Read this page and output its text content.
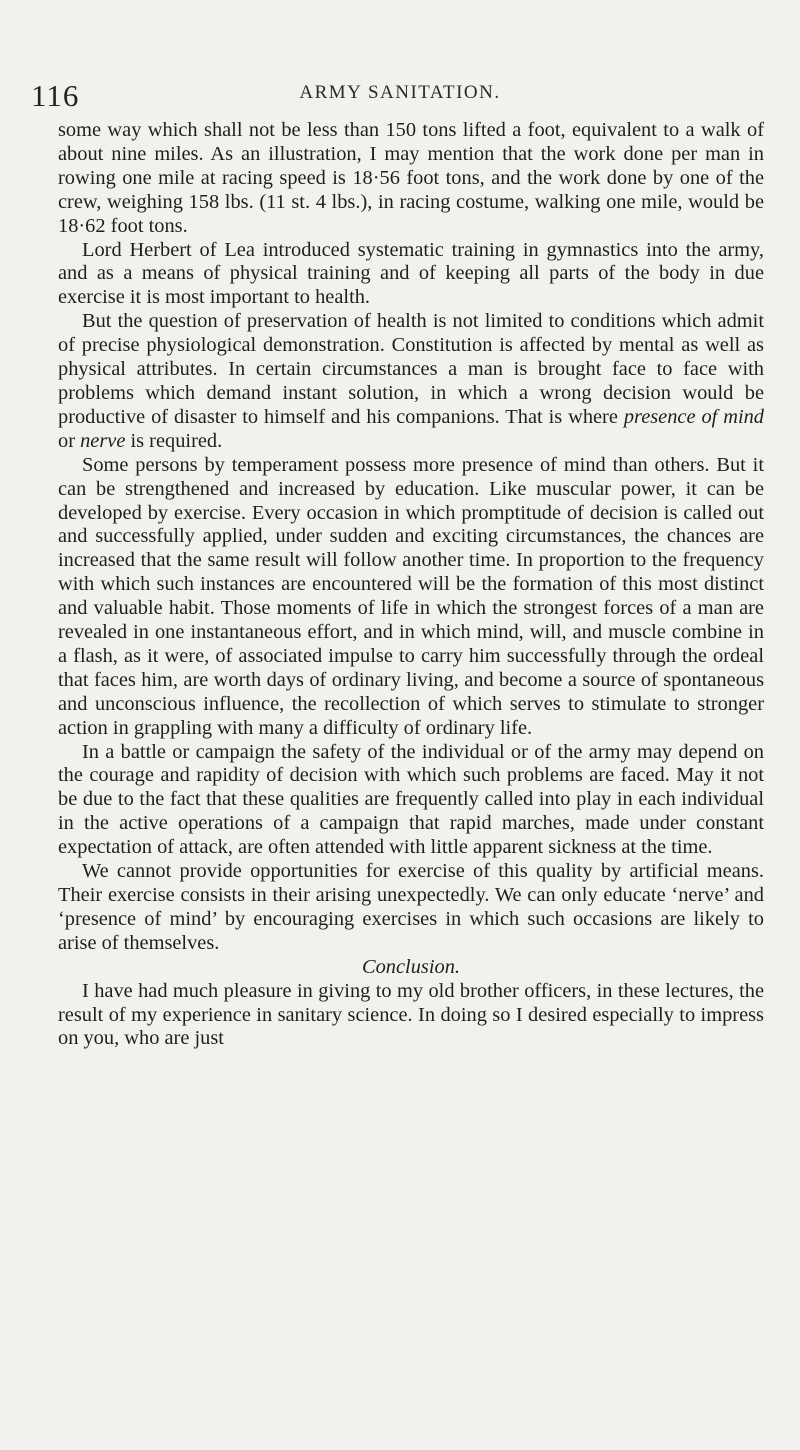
116	ARMY SANITATION.

some way which shall not be less than 150 tons lifted a foot, equivalent to a walk of about nine miles. As an illustration, I may mention that the work done per man in rowing one mile at racing speed is 18·56 foot tons, and the work done by one of the crew, weighing 158 lbs. (11 st. 4 lbs.), in racing costume, walking one mile, would be 18·62 foot tons.

Lord Herbert of Lea introduced systematic training in gymnastics into the army, and as a means of physical training and of keeping all parts of the body in due exercise it is most important to health.

But the question of preservation of health is not limited to conditions which admit of precise physiological demonstration. Constitution is affected by mental as well as physical attributes. In certain circumstances a man is brought face to face with problems which demand instant solution, in which a wrong decision would be productive of disaster to himself and his companions. That is where presence of mind or nerve is required.

Some persons by temperament possess more presence of mind than others. But it can be strengthened and increased by education. Like muscular power, it can be developed by exercise. Every occasion in which promptitude of decision is called out and successfully applied, under sudden and exciting circumstances, the chances are increased that the same result will follow another time. In proportion to the frequency with which such instances are encountered will be the formation of this most distinct and valuable habit. Those moments of life in which the strongest forces of a man are revealed in one instantaneous effort, and in which mind, will, and muscle combine in a flash, as it were, of associated impulse to carry him successfully through the ordeal that faces him, are worth days of ordinary living, and become a source of spontaneous and unconscious influence, the recollection of which serves to stimulate to stronger action in grappling with many a difficulty of ordinary life.

In a battle or campaign the safety of the individual or of the army may depend on the courage and rapidity of decision with which such problems are faced. May it not be due to the fact that these qualities are frequently called into play in each individual in the active operations of a campaign that rapid marches, made under constant expectation of attack, are often attended with little apparent sickness at the time.

We cannot provide opportunities for exercise of this quality by artificial means. Their exercise consists in their arising unexpectedly. We can only educate ‘nerve’ and ‘presence of mind’ by encouraging exercises in which such occasions are likely to arise of themselves.

Conclusion.

I have had much pleasure in giving to my old brother officers, in these lectures, the result of my experience in sanitary science. In doing so I desired especially to impress on you, who are just
